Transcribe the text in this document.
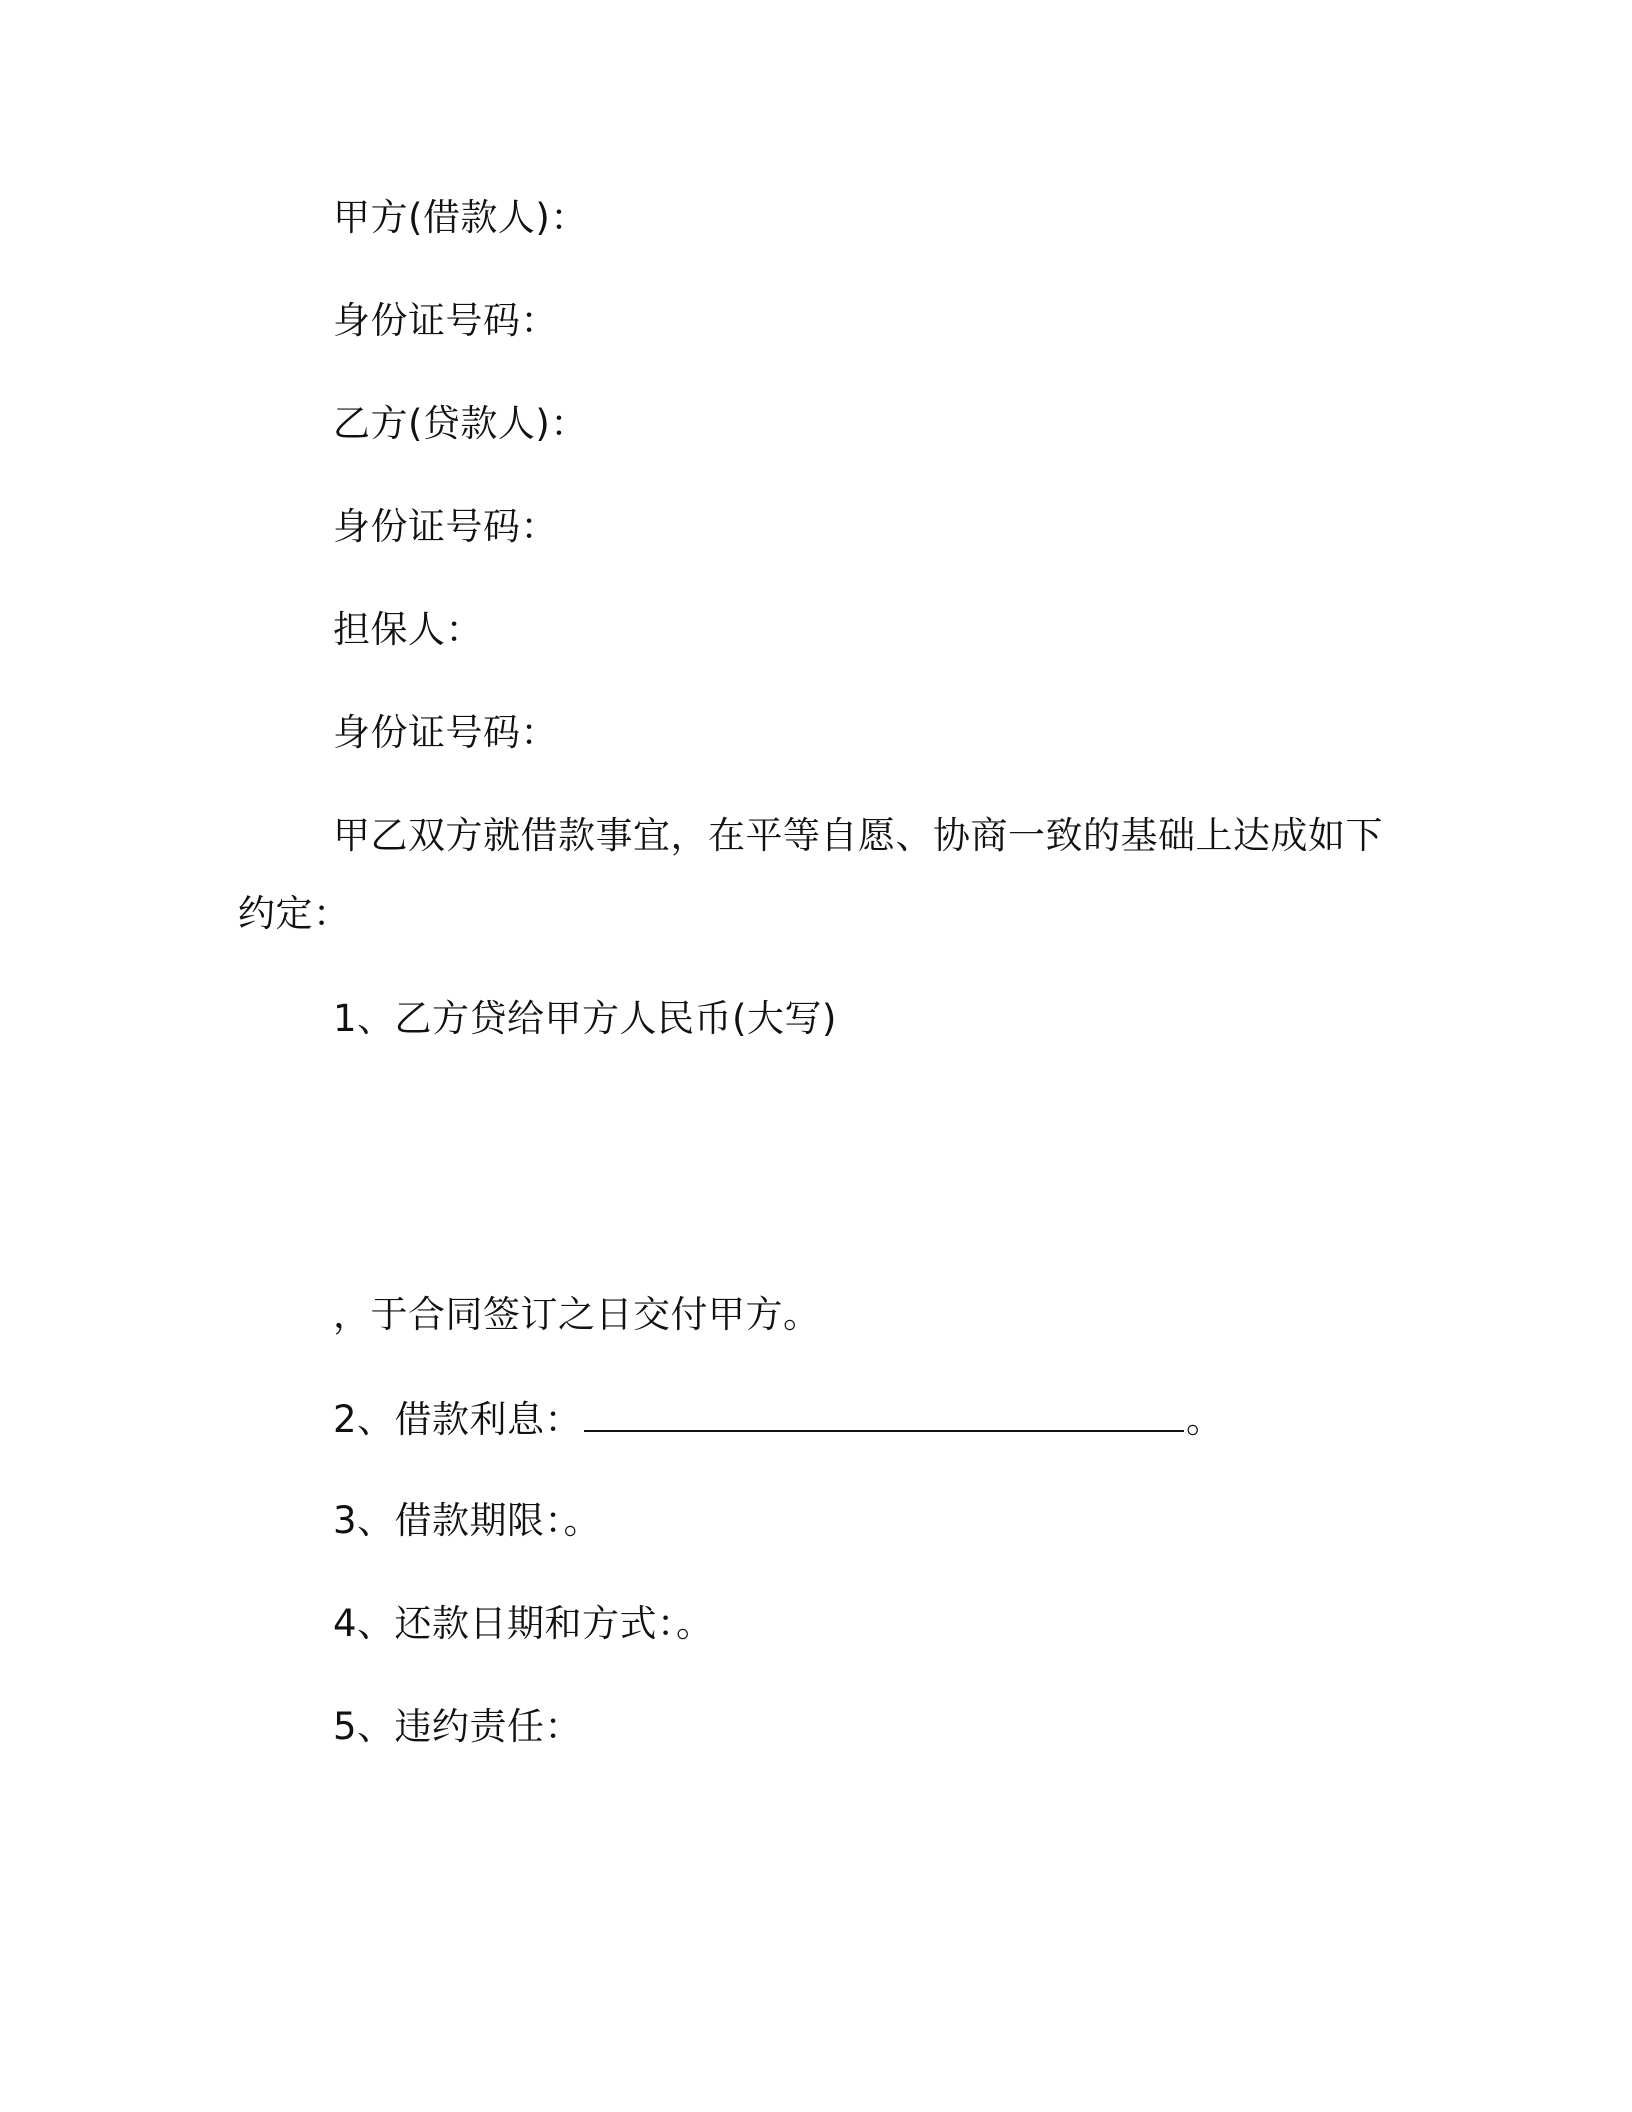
甲方(借款人)：
身份证号码：
乙方(贷款人)：
身份证号码：
担保人：
身份证号码：
甲乙双方就借款事宜，在平等自愿、协商一致的基础上达成如下
约定：
1、乙方贷给甲方人民币(大写)
，于合同签订之日交付甲方。
2、借款利息：	。
3、借款期限：。
4、还款日期和方式：。
5、违约责任：
